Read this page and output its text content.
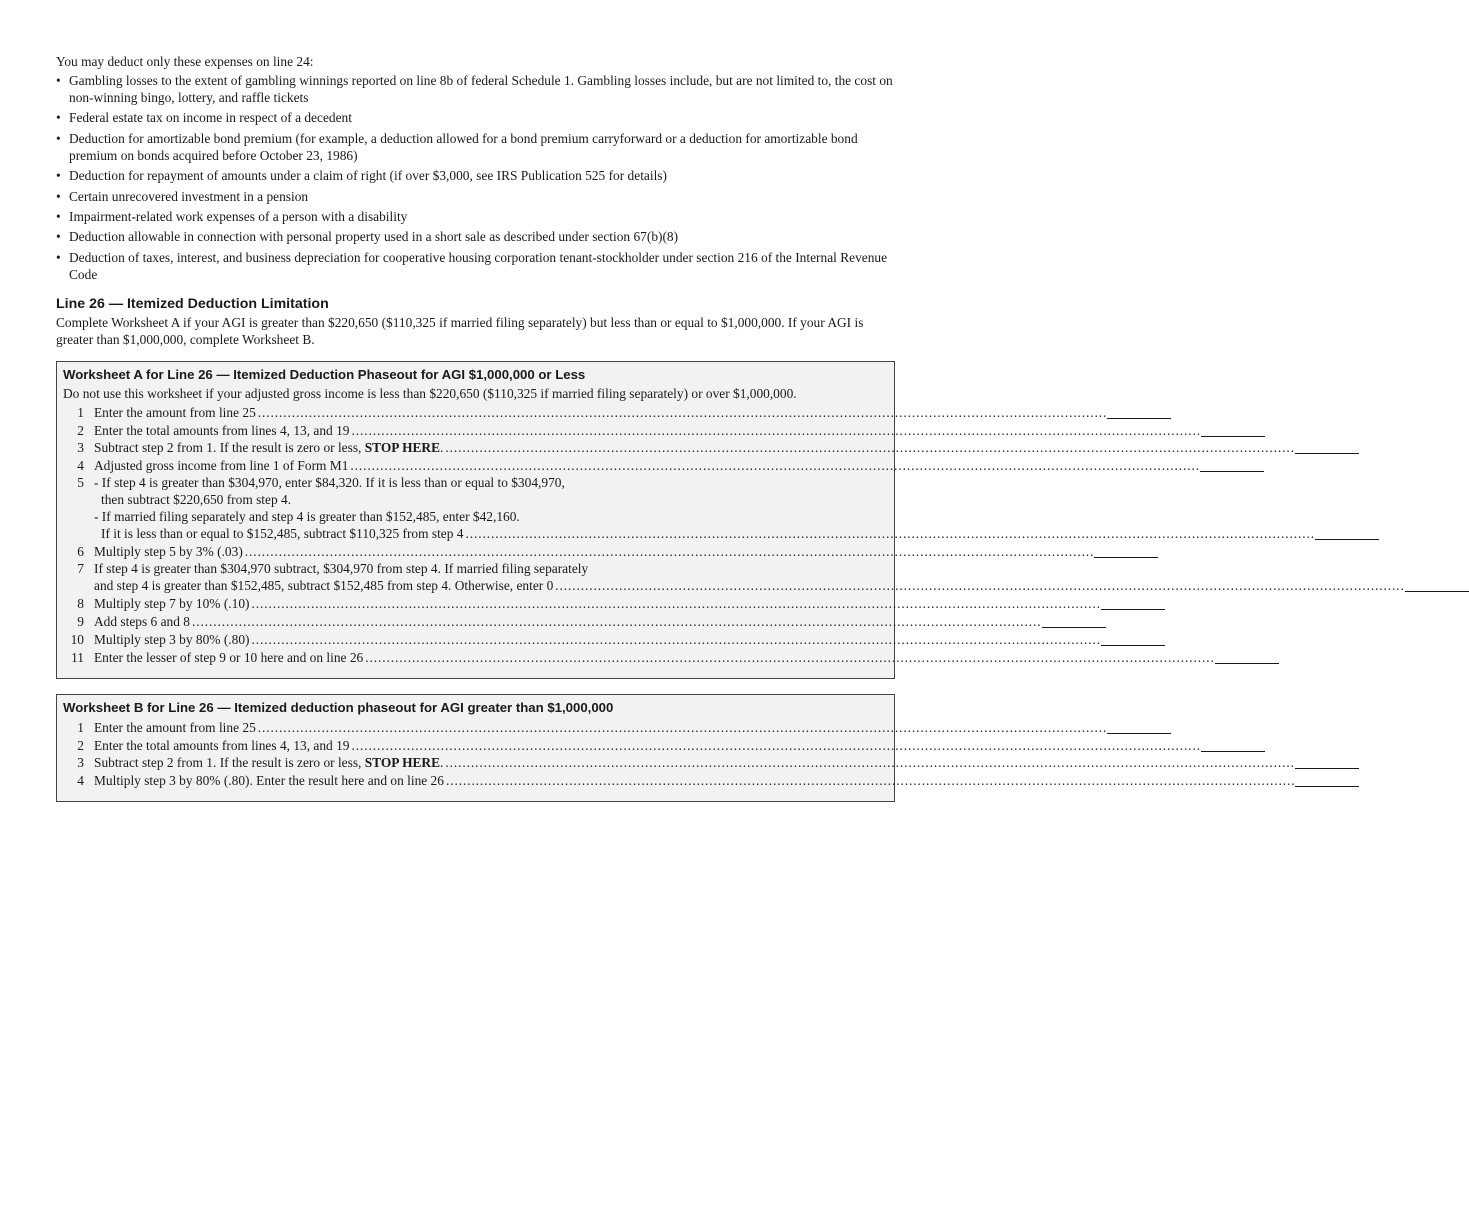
You may deduct only these expenses on line 24:

• Gambling losses to the extent of gambling winnings reported on line 8b of federal Schedule 1. Gambling losses include, but are not limited to, the cost on non-winning bingo, lottery, and raffle tickets
• Federal estate tax on income in respect of a decedent
• Deduction for amortizable bond premium (for example, a deduction allowed for a bond premium carryforward or a deduction for amortizable bond premium on bonds acquired before October 23, 1986)
• Deduction for repayment of amounts under a claim of right (if over $3,000, see IRS Publication 525 for details)
• Certain unrecovered investment in a pension
• Impairment-related work expenses of a person with a disability
• Deduction allowable in connection with personal property used in a short sale as described under section 67(b)(8)
• Deduction of taxes, interest, and business depreciation for cooperative housing corporation tenant-stockholder under section 216 of the Internal Revenue Code
Line 26 — Itemized Deduction Limitation

Complete Worksheet A if your AGI is greater than $220,650 ($110,325 if married filing separately) but less than or equal to $1,000,000. If your AGI is greater than $1,000,000, complete Worksheet B.

Worksheet A for Line 26 — Itemized Deduction Phaseout for AGI $1,000,000 or Less
Do not use this worksheet if your adjusted gross income is less than $220,650 ($110,325 if married filing separately) or over $1,000,000.
1 Enter the amount from line 25 ........................................................................................................................................................................................................
2 Enter the total amounts from lines 4, 13, and 19 ........................................................................................................................................................................................................
3 Subtract step 2 from 1. If the result is zero or less, STOP HERE. ........................................................................................................................................................................................................
4 Adjusted gross income from line 1 of Form M1 ........................................................................................................................................................................................................
5 - If step 4 is greater than $304,970, enter $84,320. If it is less than or equal to $304,970,
then subtract $220,650 from step 4.
- If married filing separately and step 4 is greater than $152,485, enter $42,160.
If it is less than or equal to $152,485, subtract $110,325 from step 4 ........................................................................................................................................................................................................
6 Multiply step 5 by 3% (.03) ........................................................................................................................................................................................................
7 If step 4 is greater than $304,970 subtract, $304,970 from step 4. If married filing separately
and step 4 is greater than $152,485, subtract $152,485 from step 4. Otherwise, enter 0 ........................................................................................................................................................................................................
8 Multiply step 7 by 10% (.10) ........................................................................................................................................................................................................
9 Add steps 6 and 8 ........................................................................................................................................................................................................
10 Multiply step 3 by 80% (.80) ........................................................................................................................................................................................................
11 Enter the lesser of step 9 or 10 here and on line 26 ........................................................................................................................................................................................................
Worksheet B for Line 26 — Itemized deduction phaseout for AGI greater than $1,000,000
1 Enter the amount from line 25 ........................................................................................................................................................................................................
2 Enter the total amounts from lines 4, 13, and 19 ........................................................................................................................................................................................................
3 Subtract step 2 from 1. If the result is zero or less, STOP HERE. ........................................................................................................................................................................................................
4 Multiply step 3 by 80% (.80). Enter the result here and on line 26 ........................................................................................................................................................................................................
